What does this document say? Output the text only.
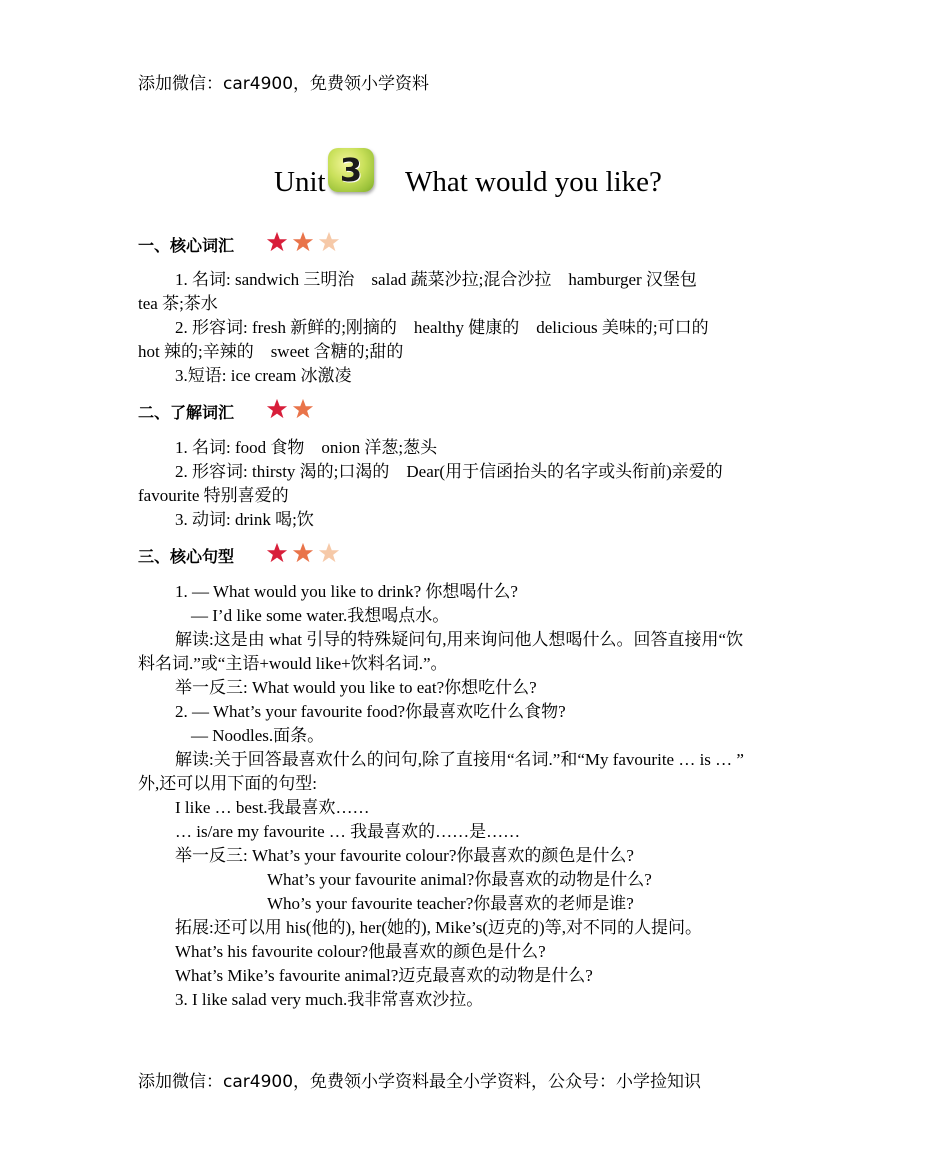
添加微信：car4900，免费领小学资料
Unit 3 What would you like?
一、核心词汇
1. 名词: sandwich 三明治　salad 蔬菜沙拉;混合沙拉　hamburger 汉堡包
tea 茶;茶水
2. 形容词: fresh 新鲜的;刚摘的　healthy 健康的　delicious 美味的;可口的
hot 辣的;辛辣的　sweet 含糖的;甜的
3.短语: ice cream 冰激凌
二、了解词汇
1. 名词: food 食物　onion 洋葱;葱头
2. 形容词: thirsty 渴的;口渴的　Dear(用于信函抬头的名字或头衔前)亲爱的
favourite 特别喜爱的
3. 动词: drink 喝;饮
三、核心句型
1. — What would you like to drink? 你想喝什么?
— I’d like some water.我想喝点水。
解读:这是由 what 引导的特殊疑问句,用来询问他人想喝什么。回答直接用“饮
料名词.”或“主语+would like+饮料名词.”。
举一反三: What would you like to eat?你想吃什么?
2. — What’s your favourite food?你最喜欢吃什么食物?
— Noodles.面条。
解读:关于回答最喜欢什么的问句,除了直接用“名词.”和“My favourite … is … ”
外,还可以用下面的句型:
I like … best.我最喜欢……
… is/are my favourite … 我最喜欢的……是……
举一反三: What’s your favourite colour?你最喜欢的颜色是什么?
What’s your favourite animal?你最喜欢的动物是什么?
Who’s your favourite teacher?你最喜欢的老师是谁?
拓展:还可以用 his(他的), her(她的), Mike’s(迈克的)等,对不同的人提问。
What’s his favourite colour?他最喜欢的颜色是什么?
What’s Mike’s favourite animal?迈克最喜欢的动物是什么?
3. I like salad very much.我非常喜欢沙拉。
添加微信：car4900，免费领小学资料最全小学资料，公众号：小学捡知识
